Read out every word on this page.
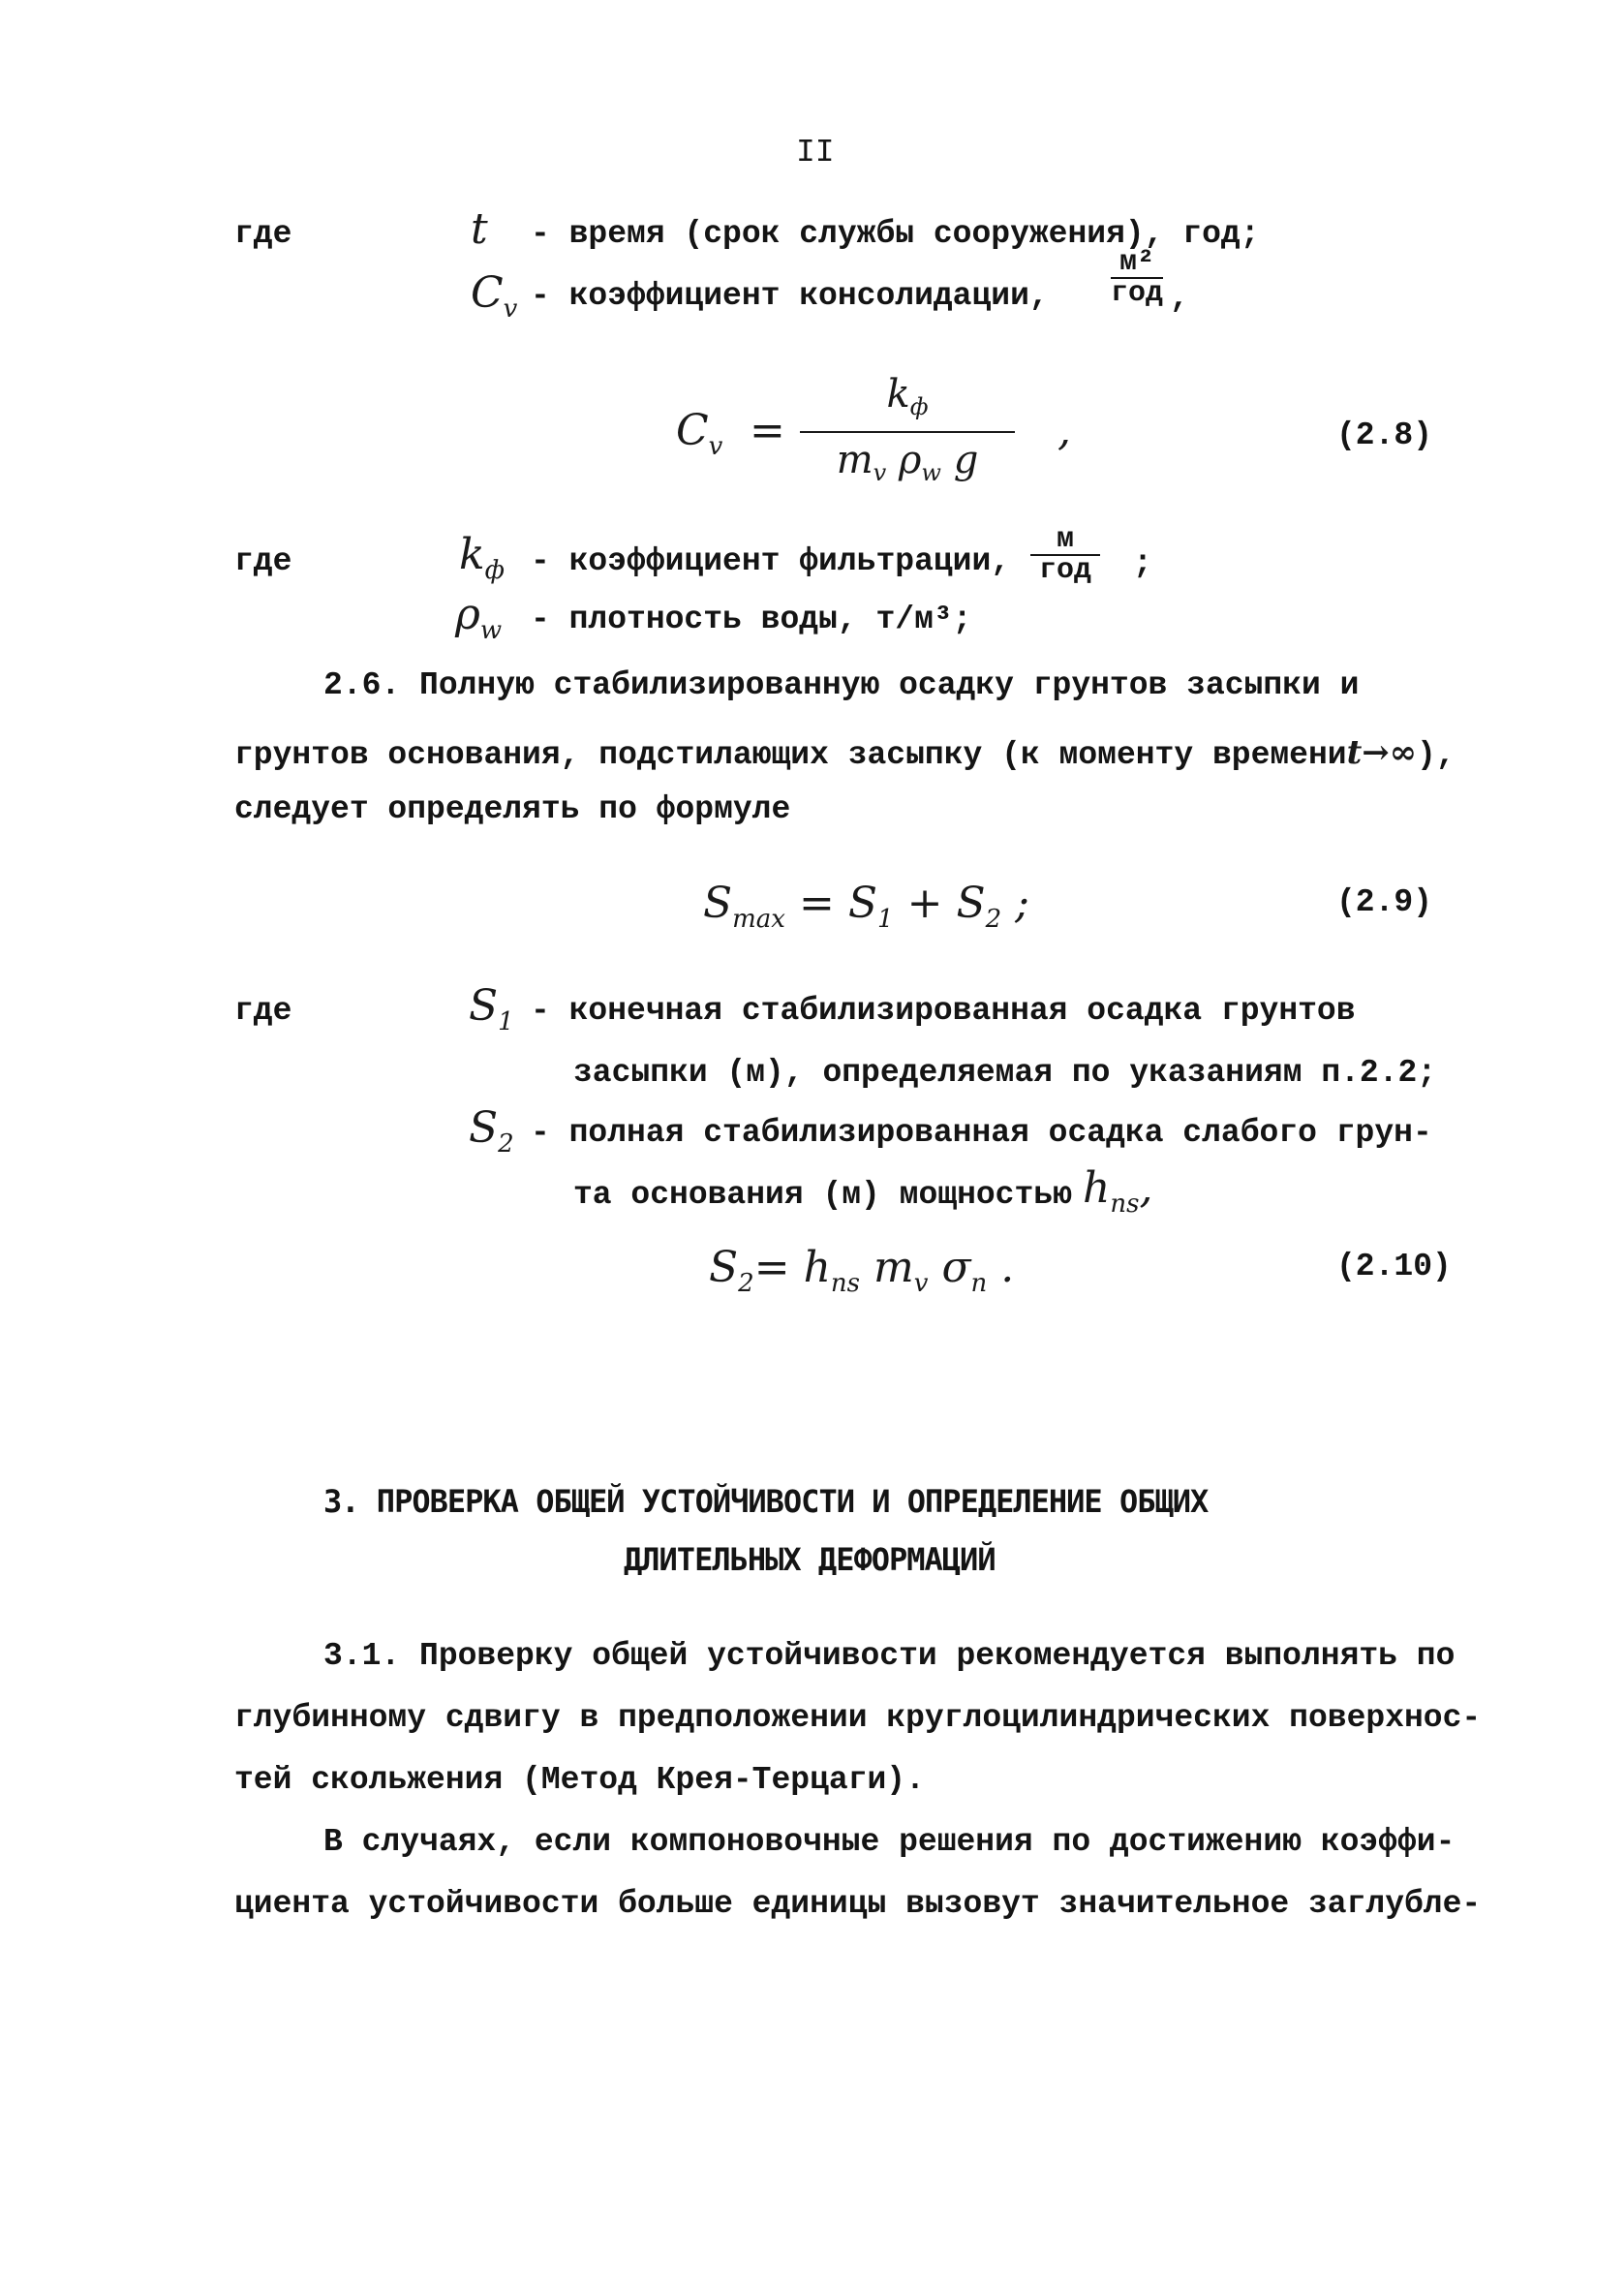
II
где	t - время (срок службы сооружения), год;
$C_v$ - коэффициент консолидации,
м²
год ,
$C_v$ =
$k_ф$
$m_v$ $\rho_w$ g
,	(2.8)
где	$k_ф$ - коэффициент фильтрации,
м
год ;
$\rho_w$ - плотность воды, т/м³;
2.6. Полную стабилизированную осадку грунтов засыпки и
грунтов основания, подстилающих засыпку (к моменту времениt→∞),
следует определять по формуле
$S_{max} = S_1 + S_2$ ;	(2.9)
где	$S_1$ - конечная стабилизированная осадка грунтов
засыпки (м), определяемая по указаниям п.2.2;
$S_2$ - полная стабилизированная осадка слабого грун-
та основания (м) мощностью $h_{ns}$,
$S_2= h_{ns}$ $m_v$ $\sigma_n$ .	(2.10)
3. ПРОВЕРКА ОБЩЕЙ УСТОЙЧИВОСТИ И ОПРЕДЕЛЕНИЕ ОБЩИХ
ДЛИТЕЛЬНЫХ ДЕФОРМАЦИЙ
3.1. Проверку общей устойчивости рекомендуется выполнять по
глубинному сдвигу в предположении круглоцилиндрических поверхнос-
тей скольжения (Метод Крея-Терцаги).
В случаях, если компоновочные решения по достижению коэффи-
циента устойчивости больше единицы вызовут значительное заглубле-
